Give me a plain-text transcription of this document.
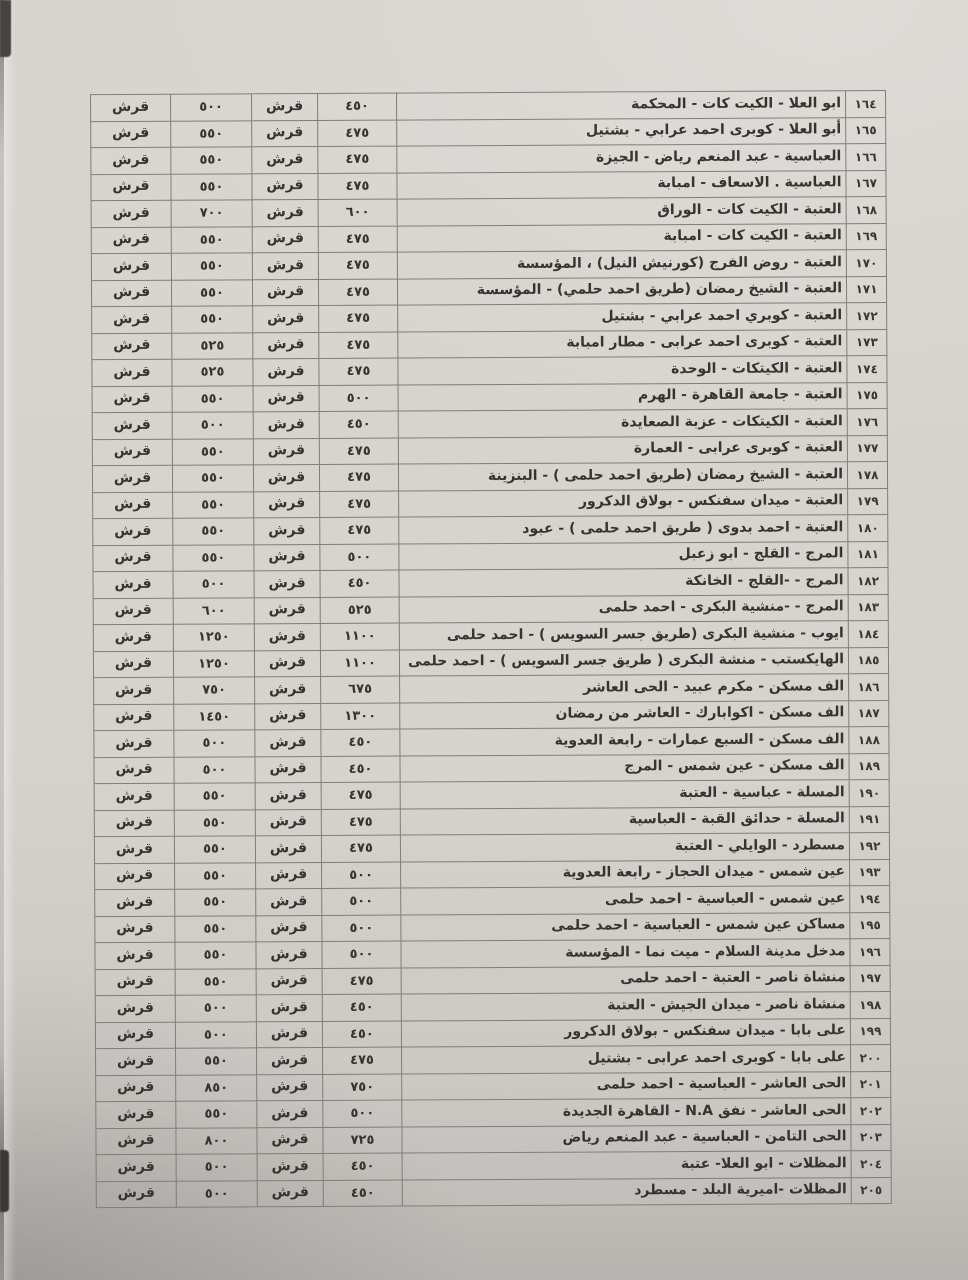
١٦٤	ابو العلا - الكيت كات - المحكمة	٤٥٠	قرش	٥٠٠	قرش
١٦٥	أبو العلا - كوبرى احمد عرابي - بشتيل	٤٧٥	قرش	٥٥٠	قرش
١٦٦	العباسية - عبد المنعم رياض - الجيزة	٤٧٥	قرش	٥٥٠	قرش
١٦٧	العباسية . الاسعاف - امبابة	٤٧٥	قرش	٥٥٠	قرش
١٦٨	العتبة - الكيت كات - الوراق	٦٠٠	قرش	٧٠٠	قرش
١٦٩	العتبة - الكيت كات - امبابة	٤٧٥	قرش	٥٥٠	قرش
١٧٠	العتبة - روض الفرج (كورنيش النيل) ، المؤسسة	٤٧٥	قرش	٥٥٠	قرش
١٧١	العتبة - الشيخ رمضان (طريق احمد حلمي) - المؤسسة	٤٧٥	قرش	٥٥٠	قرش
١٧٢	العتبة - كوبري احمد عرابي - بشتيل	٤٧٥	قرش	٥٥٠	قرش
١٧٣	العتبة - كوبرى احمد عرابى - مطار امبابة	٤٧٥	قرش	٥٢٥	قرش
١٧٤	العتبة - الكيتكات - الوحدة	٤٧٥	قرش	٥٢٥	قرش
١٧٥	العتبة - جامعة القاهرة - الهرم	٥٠٠	قرش	٥٥٠	قرش
١٧٦	العتبة - الكيتكات - عزبة الصعايدة	٤٥٠	قرش	٥٠٠	قرش
١٧٧	العتبة - كوبرى عرابى - العمارة	٤٧٥	قرش	٥٥٠	قرش
١٧٨	العتبة - الشيخ رمضان (طريق احمد حلمى ) - البنزينة	٤٧٥	قرش	٥٥٠	قرش
١٧٩	العتبة - ميدان سفنكس - بولاق الدكرور	٤٧٥	قرش	٥٥٠	قرش
١٨٠	العتبة - احمد بدوى ( طريق احمد حلمى ) - عبود	٤٧٥	قرش	٥٥٠	قرش
١٨١	المرج - القلج - ابو زعبل	٥٠٠	قرش	٥٥٠	قرش
١٨٢	المرج - -القلج - الخانكة	٤٥٠	قرش	٥٠٠	قرش
١٨٣	المرج - -منشية البكرى - احمد حلمى	٥٢٥	قرش	٦٠٠	قرش
١٨٤	ايوب - منشية البكرى (طريق جسر السويس ) - احمد حلمى	١١٠٠	قرش	١٢٥٠	قرش
١٨٥	الهايكستب - منشة البكرى ( طريق جسر السويس ) - احمد حلمى	١١٠٠	قرش	١٢٥٠	قرش
١٨٦	الف مسكن - مكرم عبيد - الحى العاشر	٦٧٥	قرش	٧٥٠	قرش
١٨٧	الف مسكن - اكوابارك - العاشر من رمضان	١٣٠٠	قرش	١٤٥٠	قرش
١٨٨	الف مسكن - السبع عمارات - رابعة العدوية	٤٥٠	قرش	٥٠٠	قرش
١٨٩	الف مسكن - عين شمس - المرج	٤٥٠	قرش	٥٠٠	قرش
١٩٠	المسلة - عباسية - العتبة	٤٧٥	قرش	٥٥٠	قرش
١٩١	المسلة - حدائق القبة - العباسية	٤٧٥	قرش	٥٥٠	قرش
١٩٢	مسطرد - الوايلي - العتبة	٤٧٥	قرش	٥٥٠	قرش
١٩٣	عين شمس - ميدان الحجاز - رابعة العدوية	٥٠٠	قرش	٥٥٠	قرش
١٩٤	عين شمس - العباسية - احمد حلمى	٥٠٠	قرش	٥٥٠	قرش
١٩٥	مساكن عين شمس - العباسية - احمد حلمى	٥٠٠	قرش	٥٥٠	قرش
١٩٦	مدخل مدينة السلام - ميت نما - المؤسسة	٥٠٠	قرش	٥٥٠	قرش
١٩٧	منشاة ناصر - العتبة - احمد حلمى	٤٧٥	قرش	٥٥٠	قرش
١٩٨	منشاة ناصر - ميدان الجيش - العتبة	٤٥٠	قرش	٥٠٠	قرش
١٩٩	على بابا - ميدان سفنكس - بولاق الدكرور	٤٥٠	قرش	٥٠٠	قرش
٢٠٠	على بابا - كوبرى احمد عرابى - بشتيل	٤٧٥	قرش	٥٥٠	قرش
٢٠١	الحى العاشر - العباسية - احمد حلمى	٧٥٠	قرش	٨٥٠	قرش
٢٠٢	الحى العاشر - نفق N.A - القاهرة الجديدة	٥٠٠	قرش	٥٥٠	قرش
٢٠٣	الحى التامن - العباسية - عبد المنعم رياض	٧٢٥	قرش	٨٠٠	قرش
٢٠٤	المظلات - ابو العلا- عتبة	٤٥٠	قرش	٥٠٠	قرش
٢٠٥	المظلات -اميرية البلد - مسطرد	٤٥٠	قرش	٥٠٠	قرش
